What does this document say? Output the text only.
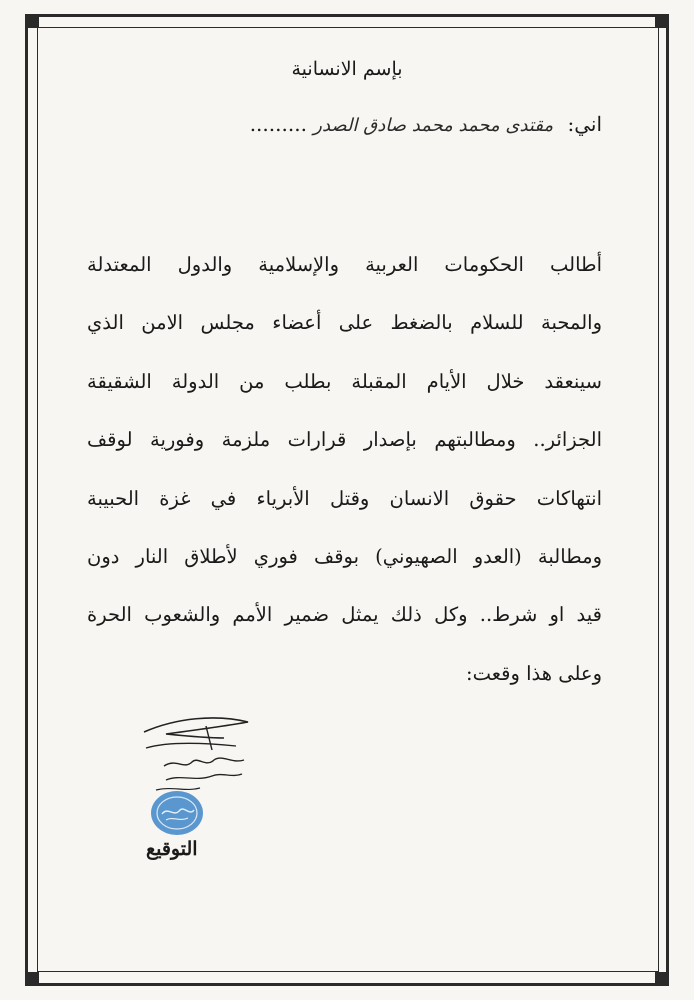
بإسم الانسانية
اني: مقتدى محمد محمد صادق الصدر .........
أطالب الحكومات العربية والإسلامية والدول المعتدلة
والمحبة للسلام بالضغط على أعضاء مجلس الامن الذي
سينعقد خلال الأيام المقبلة بطلب من الدولة الشقيقة
الجزائر.. ومطالبتهم بإصدار قرارات ملزمة وفورية لوقف
انتهاكات حقوق الانسان وقتل الأبرياء في غزة الحبيبة
ومطالبة (العدو الصهيوني) بوقف فوري لأطلاق النار دون
قيد او شرط.. وكل ذلك يمثل ضمير الأمم والشعوب الحرة
وعلى هذا وقعت:
التوقيع
